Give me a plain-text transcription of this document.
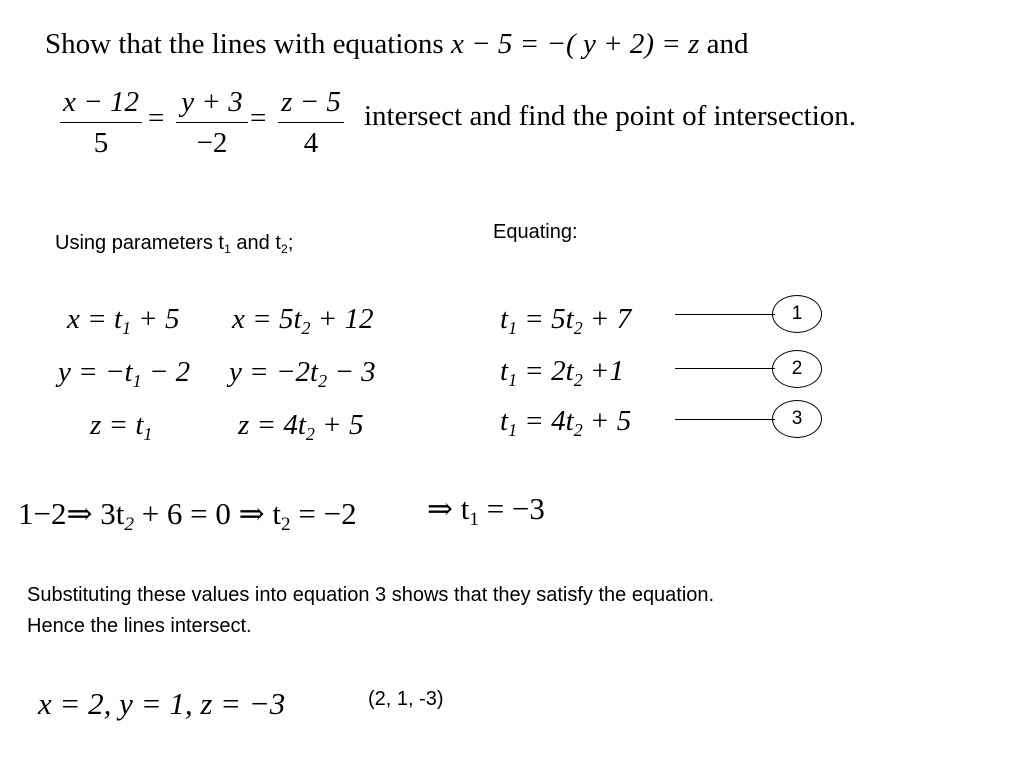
Show that the lines with equations x − 5 = −( y + 2) = z and
x − 12
5
= y + 3
−2
= z − 5
4
intersect and find the point of intersection.
Using parameters $t_1$ and $t_2$;	Equating:
$x = t_1 + 5$
$y = -t_1 - 2$
$z = t_1$
$x = 5t_2 + 12$
$y = -2t_2 - 3$
$z = 4t_2 + 5$
$t_1 = 5t_2 + 7$
$t_1 = 2t_2 +1$
$t_1 = 4t_2 + 5$
1
2
3
1−2⇒ $3t_2 + 6 = 0$ ⇒ $t_2 = -2$ ⇒ $t_1 = -3$
Substituting these values into equation 3 shows that they satisfy the equation.
Hence the lines intersect.
x = 2, y = 1, z = −3	(2, 1, -3)
